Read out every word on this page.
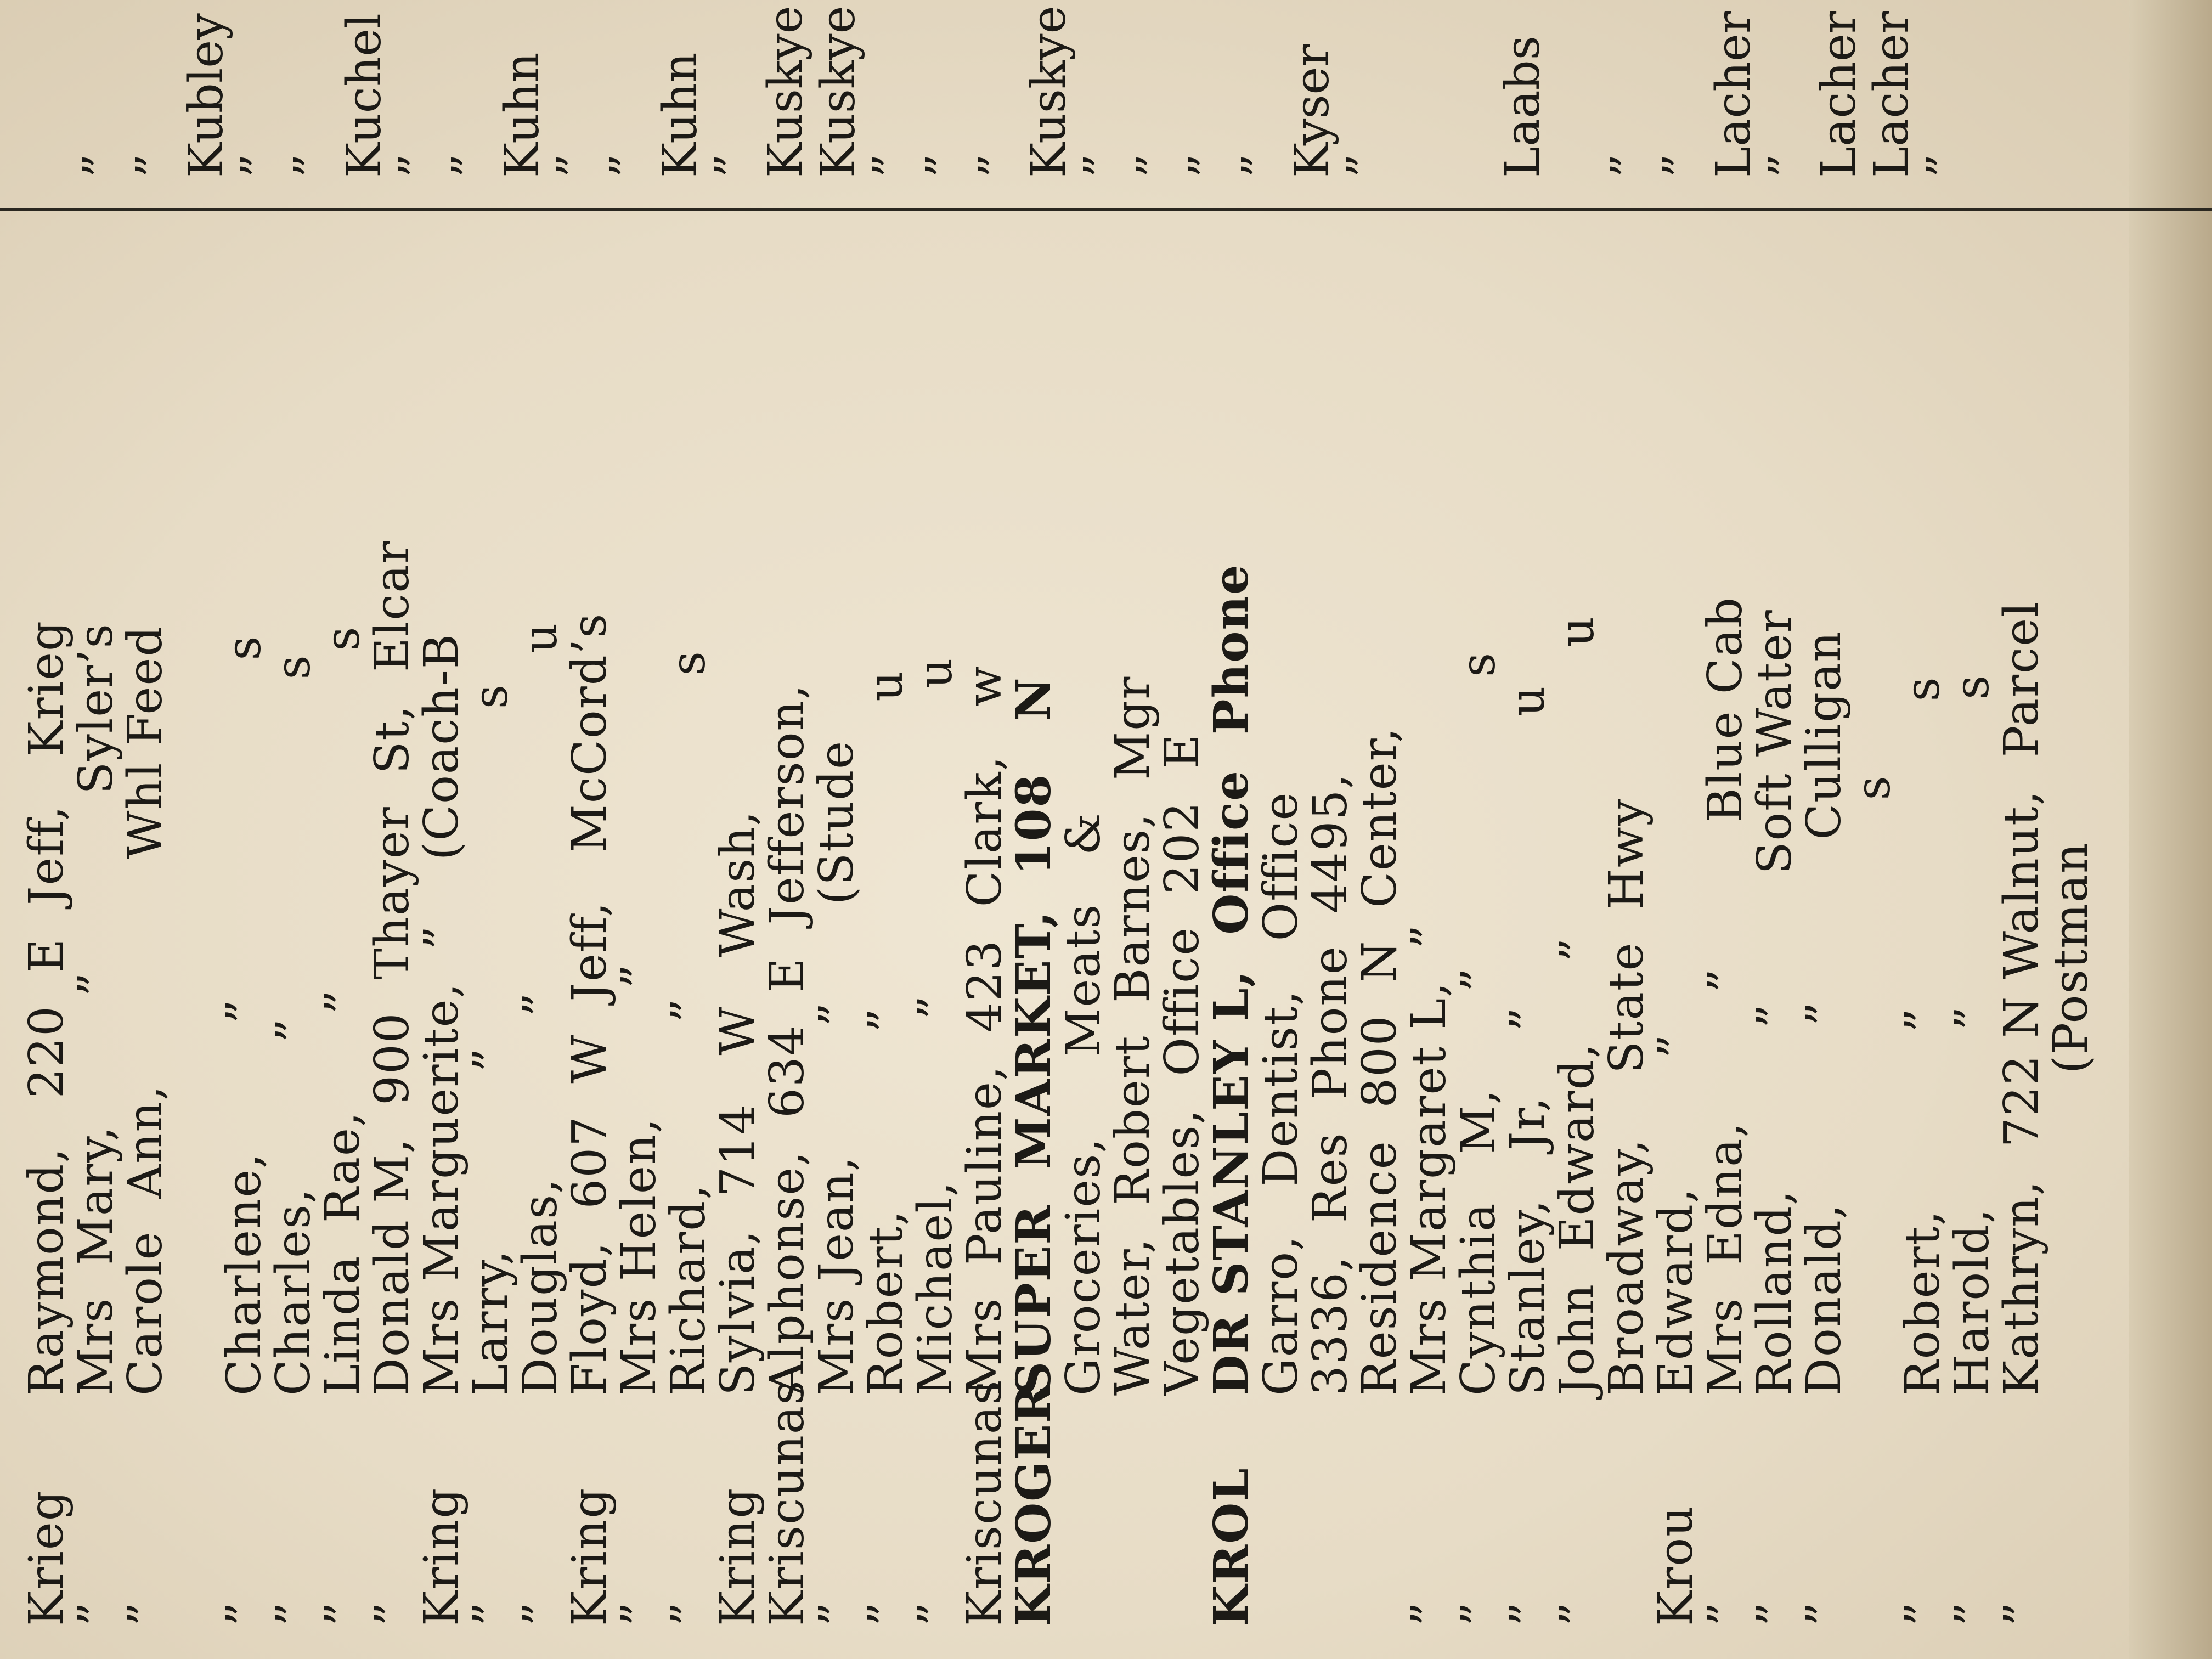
KriegRaymond,   220  E  Jeff,   Krieg
”Mrs  Mary,        ”           Syler’s
”Carole  Ann,              Whl Feed
”Charlene,        ”                     s
”Charles,         ”                     s
”Linda  Rae,      ”                     s
”Donald M,  900  Thayer  St,  Elcar
KringMrs Marguerite,  ”    (Coach-B
”Larry,           ”                     s
”Douglas,          ”                     u
KringFloyd,  607  W  Jeff,   McCord’s
”Mrs Helen,        ”
”Richard,          ”                    s
KringSylvia,  714   W   Wash,
KriscunasAlphonse,  634  E  Jefferson,
”Mrs Jean,        ”      (Stude
”Robert,           ”                   u
”Michael,          ”                   u
KriscunasMrs  Pauline,  423  Clark,   w
KROGERSUPER  MARKET,  108   N
Groceries,     Meats   &
Water,  Robert  Barnes,  Mgr
Vegetables,  Office  202  E
KROLDR STANLEY L,  Office  Phone
Garro,   Dentist,   Office
3336,  Res  Phone  4495,
Residence  800  N  Center,
”Mrs Margaret L,  ”
”Cynthia   M,      ”                  s
”Stanley,   Jr,    ”                  u
”John  Edward,     ”                  u
Broadway,    State  Hwy
KrouEdward,        ”
”Mrs  Edna,        ”         Blue Cab
”Rolland,          ”        Soft Water
”Donald,           ”          Culligan
s
”Robert,           ”                   s
”Harold,           ”                   s
”Kathryn,  722 N Walnut,  Parcel
(Postman
”
”
Kubley
”
”
Kuchel
”
”
Kuhn
”
”
Kuhn
”
Kuskye
Kuskye
”
”
”
Kuskye
”
”
”
”
Kyser
” Laabs ”
”
Lacher
”
Lacher
Lacher
”
